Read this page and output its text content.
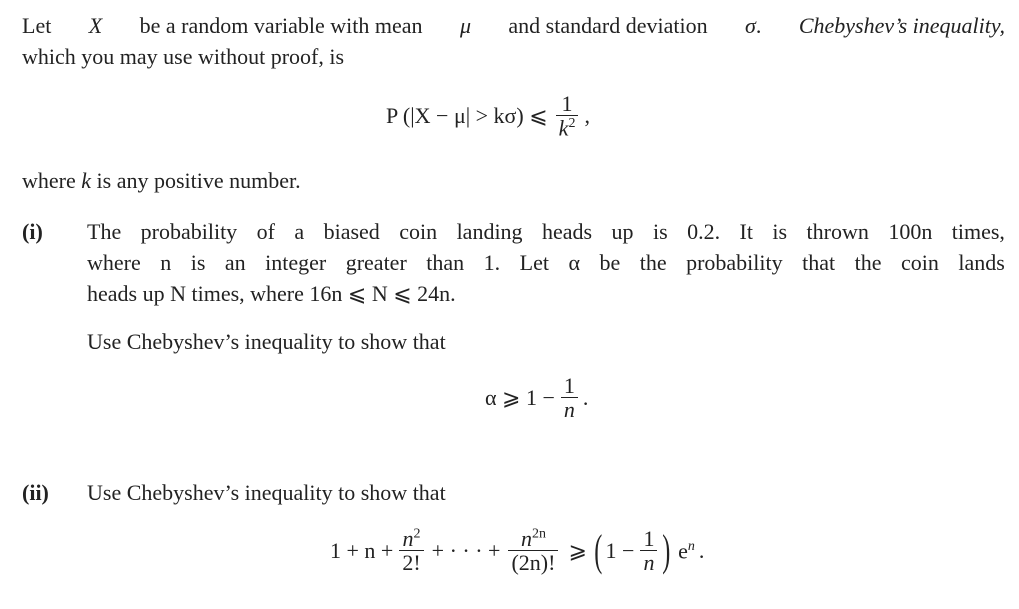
Let X be a random variable with mean μ and standard deviation σ. Chebyshev’s inequality,
which you may use without proof, is
P (|X − μ| > kσ) ⩽ $\frac{1}{k^2}$ ,
where k is any positive number.
(i) The probability of a biased coin landing heads up is 0.2. It is thrown 100n times,
where n is an integer greater than 1. Let α be the probability that the coin lands
heads up N times, where 16n ⩽ N ⩽ 24n.
Use Chebyshev’s inequality to show that
α ⩾ $1 - \frac{1}{n}$ .
(ii) Use Chebyshev’s inequality to show that
$1 + n + \frac{n^2}{2!}$ + · · · + $\frac{n^{2n}}{(2n)!}$ ⩾ ( $1 - \frac{1}{n}$ ) $e^n$ .
